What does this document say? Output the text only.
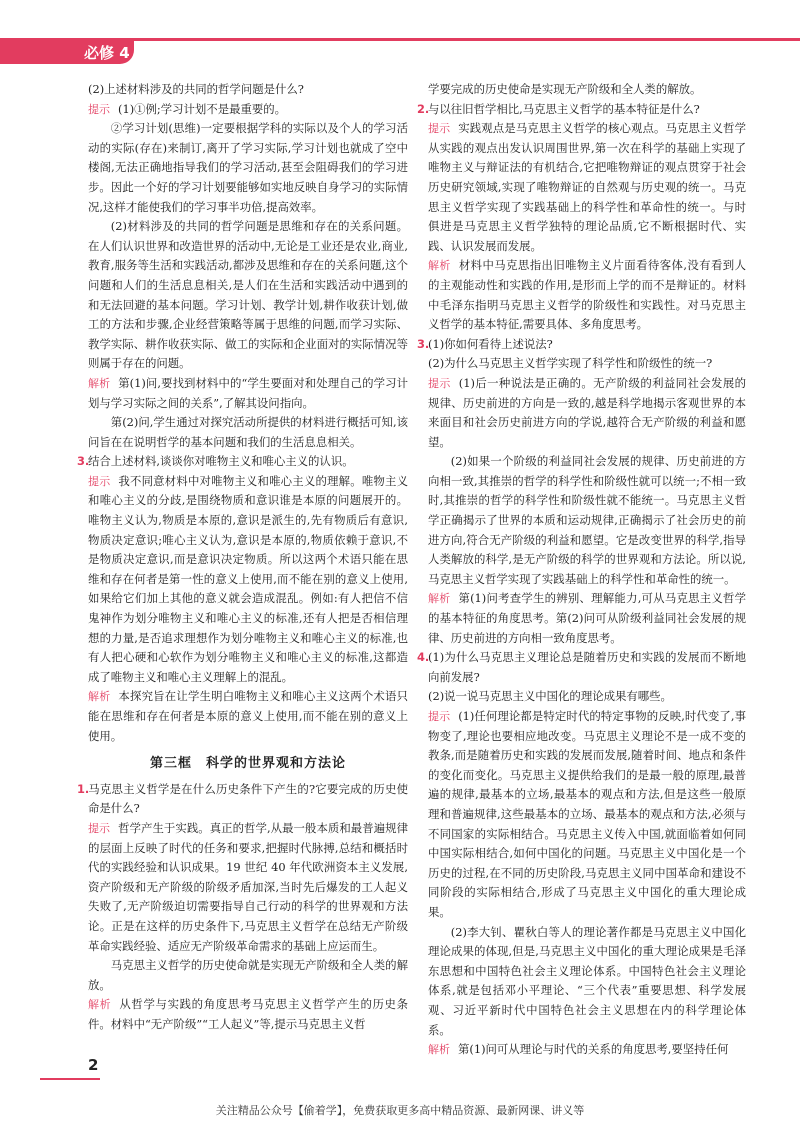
必修 4
(2)上述材料涉及的共同的哲学问题是什么?
提示 (1)①例;学习计划不是最重要的。
②学习计划(思维)一定要根据学科的实际以及个人的学习活动的实际(存在)来制订,离开了学习实际,学习计划也就成了空中楼阁,无法正确地指导我们的学习活动,甚至会阻碍我们的学习进步。因此一个好的学习计划要能够如实地反映自身学习的实际情况,这样才能使我们的学习事半功倍,提高效率。
(2)材料涉及的共同的哲学问题是思维和存在的关系问题。在人们认识世界和改造世界的活动中,无论是工业还是农业,商业,教育,服务等生活和实践活动,都涉及思维和存在的关系问题,这个问题和人们的生活息息相关,是人们在生活和实践活动中遇到的和无法回避的基本问题。学习计划、教学计划,耕作收获计划,做工的方法和步骤,企业经营策略等属于思维的问题,而学习实际、教学实际、耕作收获实际、做工的实际和企业面对的实际情况等则属于存在的问题。
解析 第(1)问,要找到材料中的“学生要面对和处理自己的学习计划与学习实际之间的关系”,了解其设问指向。
第(2)问,学生通过对探究活动所提供的材料进行概括可知,该问旨在在说明哲学的基本问题和我们的生活息息相关。
3.结合上述材料,谈谈你对唯物主义和唯心主义的认识。
提示 我不同意材料中对唯物主义和唯心主义的理解。唯物主义和唯心主义的分歧,是围绕物质和意识谁是本原的问题展开的。唯物主义认为,物质是本原的,意识是派生的,先有物质后有意识,物质决定意识;唯心主义认为,意识是本原的,物质依赖于意识,不是物质决定意识,而是意识决定物质。所以这两个术语只能在思维和存在何者是第一性的意义上使用,而不能在别的意义上使用,如果给它们加上其他的意义就会造成混乱。例如:有人把信不信鬼神作为划分唯物主义和唯心主义的标准,还有人把是否相信理想的力量,是否追求理想作为划分唯物主义和唯心主义的标准,也有人把心硬和心软作为划分唯物主义和唯心主义的标准,这都造成了唯物主义和唯心主义理解上的混乱。
解析 本探究旨在让学生明白唯物主义和唯心主义这两个术语只能在思维和存在何者是本原的意义上使用,而不能在别的意义上使用。
第三框　科学的世界观和方法论
1.马克思主义哲学是在什么历史条件下产生的?它要完成的历史使命是什么?
提示 哲学产生于实践。真正的哲学,从最一般本质和最普遍规律的层面上反映了时代的任务和要求,把握时代脉搏,总结和概括时代的实践经验和认识成果。19 世纪 40 年代欧洲资本主义发展,资产阶级和无产阶级的阶级矛盾加深,当时先后爆发的工人起义失败了,无产阶级迫切需要指导自己行动的科学的世界观和方法论。正是在这样的历史条件下,马克思主义哲学在总结无产阶级革命实践经验、适应无产阶级革命需求的基础上应运而生。
马克思主义哲学的历史使命就是实现无产阶级和全人类的解放。
解析 从哲学与实践的角度思考马克思主义哲学产生的历史条件。材料中“无产阶级”“工人起义”等,提示马克思主义哲
学要完成的历史使命是实现无产阶级和全人类的解放。
2.与以往旧哲学相比,马克思主义哲学的基本特征是什么?
提示 实践观点是马克思主义哲学的核心观点。马克思主义哲学从实践的观点出发认识周围世界,第一次在科学的基础上实现了唯物主义与辩证法的有机结合,它把唯物辩证的观点贯穿于社会历史研究领域,实现了唯物辩证的自然观与历史观的统一。马克思主义哲学实现了实践基础上的科学性和革命性的统一。与时俱进是马克思主义哲学独特的理论品质,它不断根据时代、实践、认识发展而发展。
解析 材料中马克思指出旧唯物主义片面看待客体,没有看到人的主观能动性和实践的作用,是形而上学的而不是辩证的。材料中毛泽东指明马克思主义哲学的阶级性和实践性。对马克思主义哲学的基本特征,需要具体、多角度思考。
3.(1)你如何看待上述说法?
(2)为什么马克思主义哲学实现了科学性和阶级性的统一?
提示 (1)后一种说法是正确的。无产阶级的利益同社会发展的规律、历史前进的方向是一致的,越是科学地揭示客观世界的本来面目和社会历史前进方向的学说,越符合无产阶级的利益和愿望。
(2)如果一个阶级的利益同社会发展的规律、历史前进的方向相一致,其推崇的哲学的科学性和阶级性就可以统一;不相一致时,其推崇的哲学的科学性和阶级性就不能统一。马克思主义哲学正确揭示了世界的本质和运动规律,正确揭示了社会历史的前进方向,符合无产阶级的利益和愿望。它是改变世界的科学,指导人类解放的科学,是无产阶级的科学的世界观和方法论。所以说,马克思主义哲学实现了实践基础上的科学性和革命性的统一。
解析 第(1)问考查学生的辨别、理解能力,可从马克思主义哲学的基本特征的角度思考。第(2)问可从阶级利益同社会发展的规律、历史前进的方向相一致角度思考。
4.(1)为什么马克思主义理论总是随着历史和实践的发展而不断地向前发展?
(2)说一说马克思主义中国化的理论成果有哪些。
提示 (1)任何理论都是特定时代的特定事物的反映,时代变了,事物变了,理论也要相应地改变。马克思主义理论不是一成不变的教条,而是随着历史和实践的发展而发展,随着时间、地点和条件的变化而变化。马克思主义提供给我们的是最一般的原理,最普遍的规律,最基本的立场,最基本的观点和方法,但是这些一般原理和普遍规律,这些最基本的立场、最基本的观点和方法,必须与不同国家的实际相结合。马克思主义传入中国,就面临着如何同中国实际相结合,如何中国化的问题。马克思主义中国化是一个历史的过程,在不同的历史阶段,马克思主义同中国革命和建设不同阶段的实际相结合,形成了马克思主义中国化的重大理论成果。
(2)李大钊、瞿秋白等人的理论著作都是马克思主义中国化理论成果的体现,但是,马克思主义中国化的重大理论成果是毛泽东思想和中国特色社会主义理论体系。中国特色社会主义理论体系,就是包括邓小平理论、“三个代表”重要思想、科学发展观、习近平新时代中国特色社会主义思想在内的科学理论体系。
解析 第(1)问可从理论与时代的关系的角度思考,要坚持任何
2
关注精品公众号【偷着学】，免费获取更多高中精品资源、最新网课、讲义等
